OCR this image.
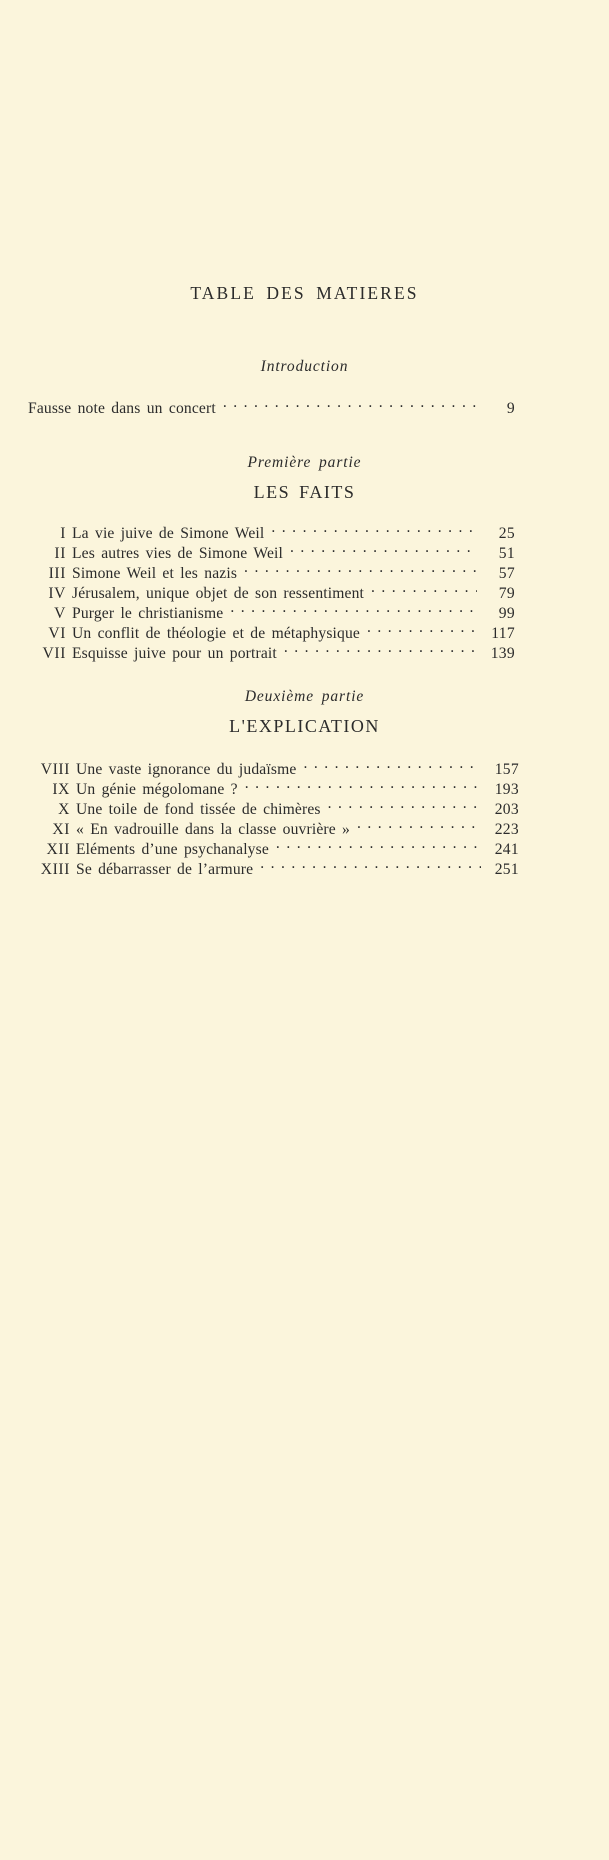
TABLE DES MATIERES
Introduction
Fausse note dans un concert . . .	9
Première partie
LES FAITS
I La vie juive de Simone Weil . . .	25
II Les autres vies de Simone Weil . . .	51
III Simone Weil et les nazis . . .	57
IV Jérusalem, unique objet de son ressentiment . . .	79
V Purger le christianisme . . .	99
VI Un conflit de théologie et de métaphysique . . .	117
VII Esquisse juive pour un portrait . . .	139
Deuxième partie
L'EXPLICATION
VIII Une vaste ignorance du judaïsme . . .	157
IX Un génie mégolomane ? . . .	193
X Une toile de fond tissée de chimères . . .	203
XI « En vadrouille dans la classe ouvrière » . . .	223
XII Eléments d’une psychanalyse . . .	241
XIII Se débarrasser de l’armure . . .	251
